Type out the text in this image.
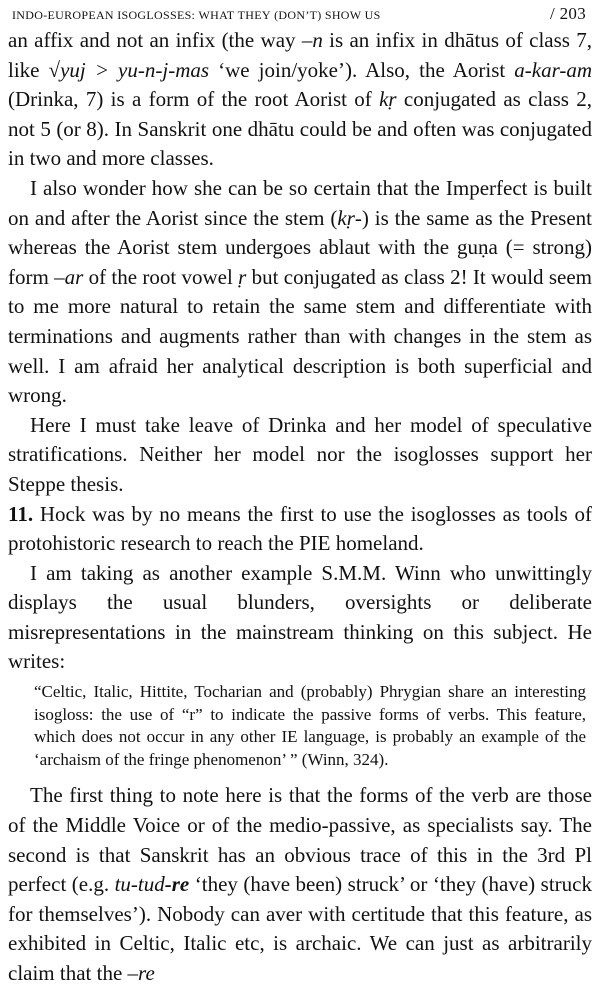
indo-european isoglosses: what they (don’t) show us	/ 203

an affix and not an infix (the way –n is an infix in dhātus of class 7, like √yuj > yu-n-j-mas ‘we join/yoke’). Also, the Aorist a-kar-am (Drinka, 7) is a form of the root Aorist of kṛ conjugated as class 2, not 5 (or 8). In Sanskrit one dhātu could be and often was conjugated in two and more classes.

I also wonder how she can be so certain that the Imperfect is built on and after the Aorist since the stem (kṛ-) is the same as the Present whereas the Aorist stem undergoes ablaut with the guṇa (= strong) form –ar of the root vowel ṛ but conjugated as class 2! It would seem to me more natural to retain the same stem and differentiate with terminations and augments rather than with changes in the stem as well. I am afraid her analytical description is both superficial and wrong.

Here I must take leave of Drinka and her model of speculative stratifications. Neither her model nor the isoglosses support her Steppe thesis.

11. Hock was by no means the first to use the isoglosses as tools of protohistoric research to reach the PIE homeland.

I am taking as another example S.M.M. Winn who unwittingly displays the usual blunders, oversights or deliberate misrepresentations in the mainstream thinking on this subject. He writes:

“Celtic, Italic, Hittite, Tocharian and (probably) Phrygian share an interesting isogloss: the use of “r” to indicate the passive forms of verbs. This feature, which does not occur in any other IE language, is probably an example of the ‘archaism of the fringe phenomenon’ ” (Winn, 324).

The first thing to note here is that the forms of the verb are those of the Middle Voice or of the medio-passive, as specialists say. The second is that Sanskrit has an obvious trace of this in the 3rd Pl perfect (e.g. tu-tud-re ‘they (have been) struck’ or ‘they (have) struck for themselves’). Nobody can aver with certitude that this feature, as exhibited in Celtic, Italic etc, is archaic. We can just as arbitrarily claim that the –re
